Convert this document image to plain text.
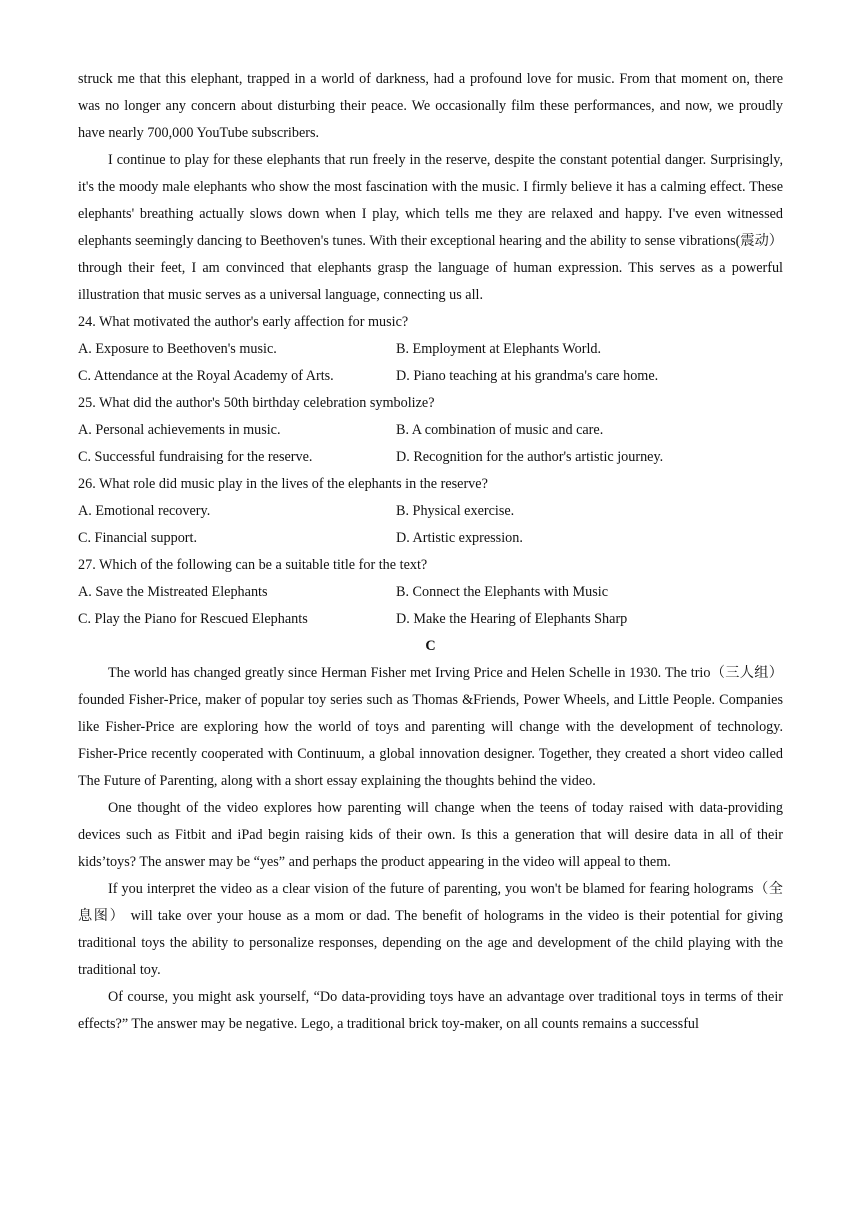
struck me that this elephant, trapped in a world of darkness, had a profound love for music. From that moment on, there was no longer any concern about disturbing their peace. We occasionally film these performances, and now, we proudly have nearly 700,000 YouTube subscribers.

I continue to play for these elephants that run freely in the reserve, despite the constant potential danger. Surprisingly, it's the moody male elephants who show the most fascination with the music. I firmly believe it has a calming effect. These elephants' breathing actually slows down when I play, which tells me they are relaxed and happy. I've even witnessed elephants seemingly dancing to Beethoven's tunes. With their exceptional hearing and the ability to sense vibrations(震动）through their feet, I am convinced that elephants grasp the language of human expression. This serves as a powerful illustration that music serves as a universal language, connecting us all.

24. What motivated the author's early affection for music?

A. Exposure to Beethoven's music.	B. Employment at Elephants World.

C. Attendance at the Royal Academy of Arts.	D. Piano teaching at his grandma's care home.

25. What did the author's 50th birthday celebration symbolize?

A. Personal achievements in music.	B. A combination of music and care.

C. Successful fundraising for the reserve.	D. Recognition for the author's artistic journey.

26. What role did music play in the lives of the elephants in the reserve?

A. Emotional recovery.	B. Physical exercise.

C. Financial support.	D. Artistic expression.

27. Which of the following can be a suitable title for the text?

A. Save the Mistreated Elephants	B. Connect the Elephants with Music

C. Play the Piano for Rescued Elephants	D. Make the Hearing of Elephants Sharp

C

The world has changed greatly since Herman Fisher met Irving Price and Helen Schelle in 1930. The trio（三人组） founded Fisher-Price, maker of popular toy series such as Thomas &Friends, Power Wheels, and Little People. Companies like Fisher-Price are exploring how the world of toys and parenting will change with the development of technology. Fisher-Price recently cooperated with Continuum, a global innovation designer. Together, they created a short video called The Future of Parenting, along with a short essay explaining the thoughts behind the video.

One thought of the video explores how parenting will change when the teens of today raised with data-providing devices such as Fitbit and iPad begin raising kids of their own. Is this a generation that will desire data in all of their kids’toys? The answer may be “yes” and perhaps the product appearing in the video will appeal to them.

If you interpret the video as a clear vision of the future of parenting, you won't be blamed for fearing holograms（全息图） will take over your house as a mom or dad. The benefit of holograms in the video is their potential for giving traditional toys the ability to personalize responses, depending on the age and development of the child playing with the traditional toy.

Of course, you might ask yourself, “Do data-providing toys have an advantage over traditional toys in terms of their effects?” The answer may be negative. Lego, a traditional brick toy-maker, on all counts remains a successful
